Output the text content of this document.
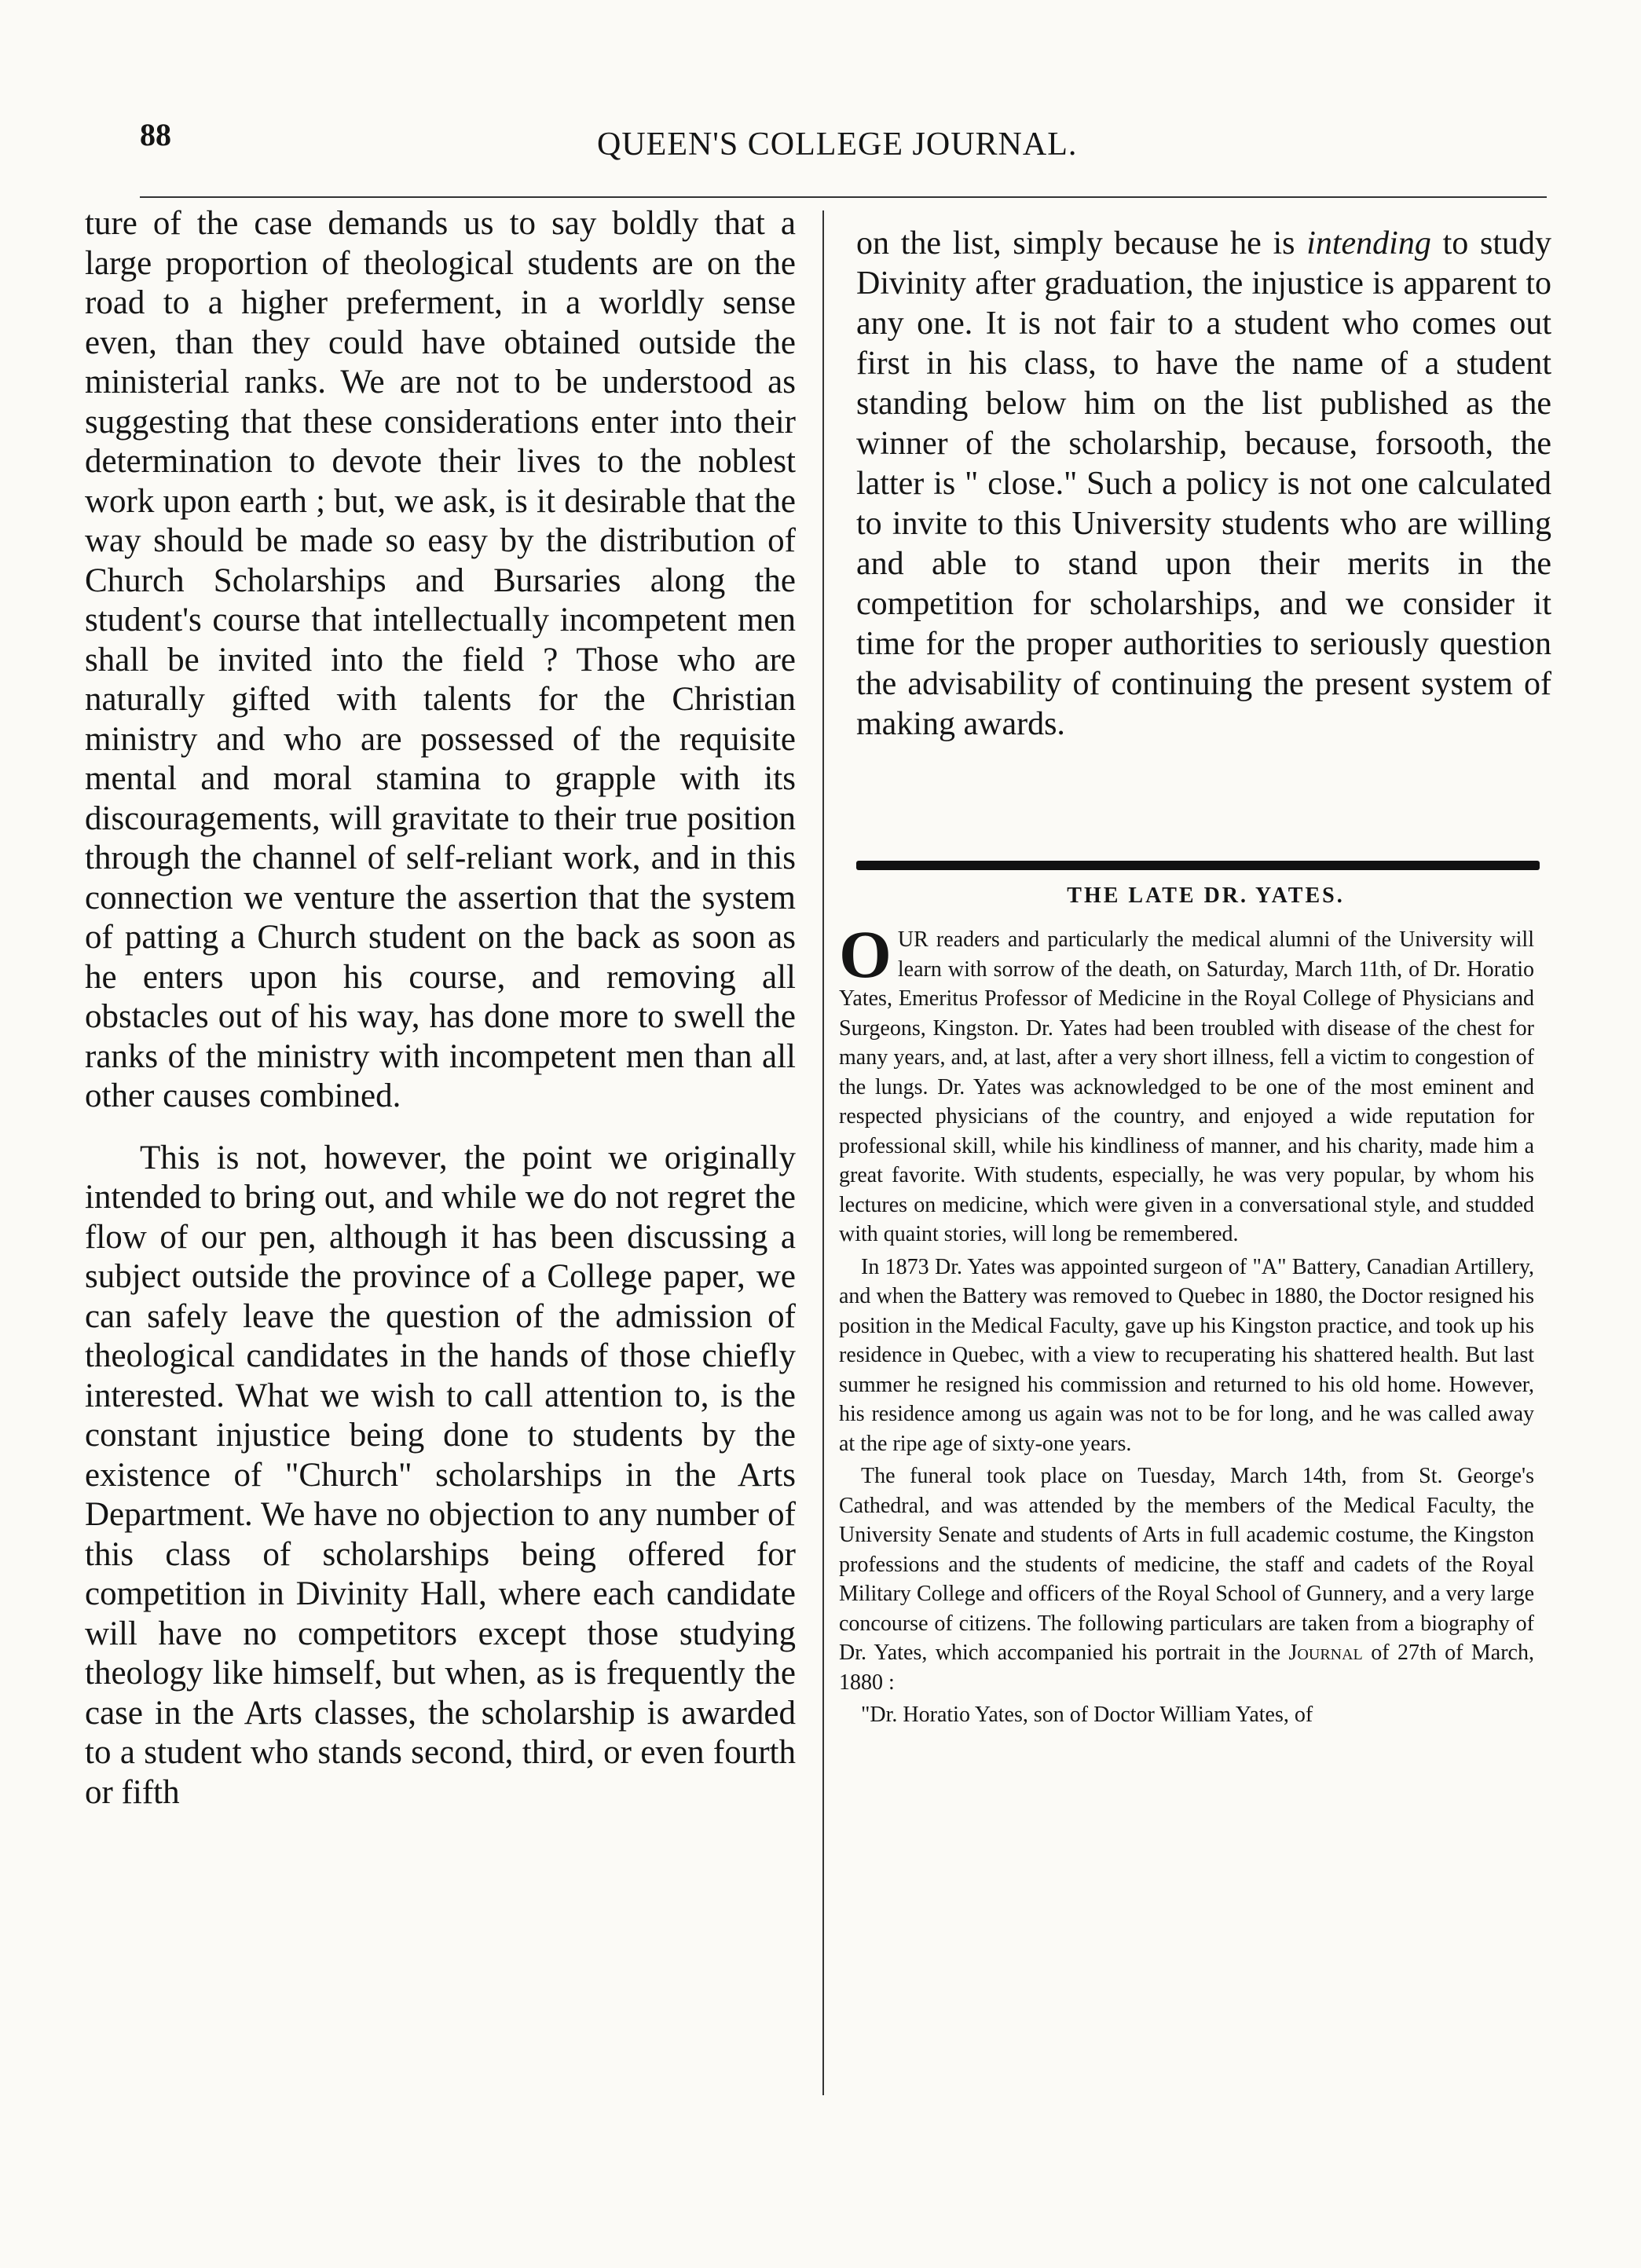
88	QUEEN'S COLLEGE JOURNAL.

ture of the case demands us to say boldly that a large proportion of theological students are on the road to a higher preferment, in a worldly sense even, than they could have obtained outside the ministerial ranks. We are not to be understood as suggesting that these considerations enter into their determination to devote their lives to the noblest work upon earth ; but, we ask, is it desirable that the way should be made so easy by the distribution of Church Scholarships and Bursaries along the student's course that intellectually incompetent men shall be invited into the field ? Those who are naturally gifted with talents for the Christian ministry and who are possessed of the requisite mental and moral stamina to grapple with its discouragements, will gravitate to their true position through the channel of self-reliant work, and in this connection we venture the assertion that the system of patting a Church student on the back as soon as he enters upon his course, and removing all obstacles out of his way, has done more to swell the ranks of the ministry with incompetent men than all other causes combined.

This is not, however, the point we originally intended to bring out, and while we do not regret the flow of our pen, although it has been discussing a subject outside the province of a College paper, we can safely leave the question of the admission of theological candidates in the hands of those chiefly interested. What we wish to call attention to, is the constant injustice being done to students by the existence of "Church" scholarships in the Arts Department. We have no objection to any number of this class of scholarships being offered for competition in Divinity Hall, where each candidate will have no competitors except those studying theology like himself, but when, as is frequently the case in the Arts classes, the scholarship is awarded to a student who stands second, third, or even fourth or fifth

on the list, simply because he is intending to study Divinity after graduation, the injustice is apparent to any one. It is not fair to a student who comes out first in his class, to have the name of a student standing below him on the list published as the winner of the scholarship, because, forsooth, the latter is " close." Such a policy is not one calculated to invite to this University students who are willing and able to stand upon their merits in the competition for scholarships, and we consider it time for the proper authorities to seriously question the advisability of continuing the present system of making awards.

THE LATE DR. YATES.

OUR readers and particularly the medical alumni of the University will learn with sorrow of the death, on Saturday, March 11th, of Dr. Horatio Yates, Emeritus Professor of Medicine in the Royal College of Physicians and Surgeons, Kingston. Dr. Yates had been troubled with disease of the chest for many years, and, at last, after a very short illness, fell a victim to congestion of the lungs. Dr. Yates was acknowledged to be one of the most eminent and respected physicians of the country, and enjoyed a wide reputation for professional skill, while his kindliness of manner, and his charity, made him a great favorite. With students, especially, he was very popular, by whom his lectures on medicine, which were given in a conversational style, and studded with quaint stories, will long be remembered.

In 1873 Dr. Yates was appointed surgeon of "A" Battery, Canadian Artillery, and when the Battery was removed to Quebec in 1880, the Doctor resigned his position in the Medical Faculty, gave up his Kingston practice, and took up his residence in Quebec, with a view to recuperating his shattered health. But last summer he resigned his commission and returned to his old home. However, his residence among us again was not to be for long, and he was called away at the ripe age of sixty-one years.

The funeral took place on Tuesday, March 14th, from St. George's Cathedral, and was attended by the members of the Medical Faculty, the University Senate and students of Arts in full academic costume, the Kingston professions and the students of medicine, the staff and cadets of the Royal Military College and officers of the Royal School of Gunnery, and a very large concourse of citizens. The following particulars are taken from a biography of Dr. Yates, which accompanied his portrait in the Journal of 27th of March, 1880 :

"Dr. Horatio Yates, son of Doctor William Yates, of
